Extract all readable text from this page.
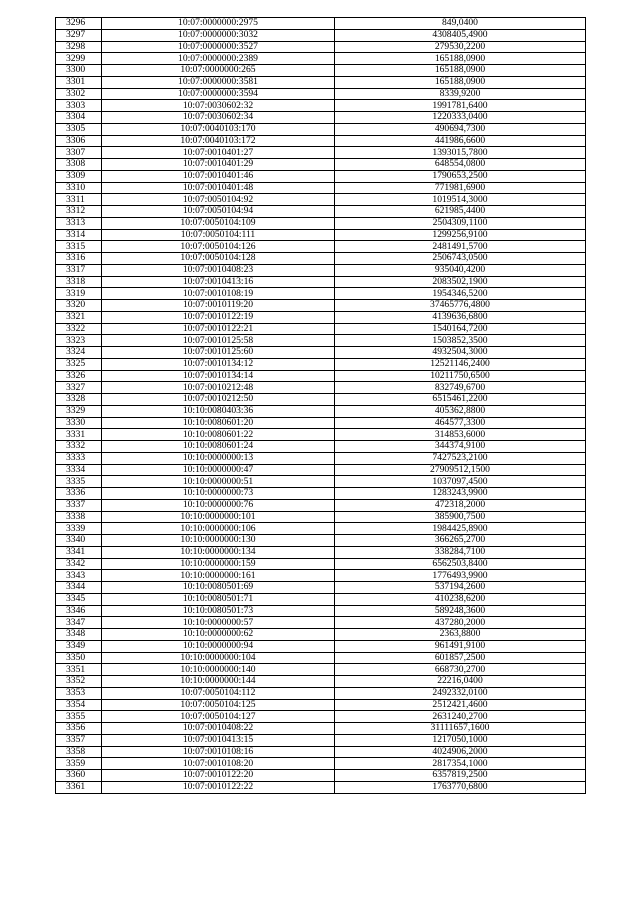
3296	10:07:0000000:2975	849,0400
3297	10:07:0000000:3032	4308405,4900
3298	10:07:0000000:3527	279530,2200
3299	10:07:0000000:2389	165188,0900
3300	10:07:0000000:265	165188,0900
3301	10:07:0000000:3581	165188,0900
3302	10:07:0000000:3594	8339,9200
3303	10:07:0030602:32	1991781,6400
3304	10:07:0030602:34	1220333,0400
3305	10:07:0040103:170	490694,7300
3306	10:07:0040103:172	441986,6600
3307	10:07:0010401:27	1393015,7800
3308	10:07:0010401:29	648554,0800
3309	10:07:0010401:46	1790653,2500
3310	10:07:0010401:48	771981,6900
3311	10:07:0050104:92	1019514,3000
3312	10:07:0050104:94	621985,4400
3313	10:07:0050104:109	2504309,1100
3314	10:07:0050104:111	1299256,9100
3315	10:07:0050104:126	2481491,5700
3316	10:07:0050104:128	2506743,0500
3317	10:07:0010408:23	935040,4200
3318	10:07:0010413:16	2083502,1900
3319	10:07:0010108:19	1954346,5200
3320	10:07:0010119:20	37465776,4800
3321	10:07:0010122:19	4139636,6800
3322	10:07:0010122:21	1540164,7200
3323	10:07:0010125:58	1503852,3500
3324	10:07:0010125:60	4932504,3000
3325	10:07:0010134:12	12521146,2400
3326	10:07:0010134:14	10211750,6500
3327	10:07:0010212:48	832749,6700
3328	10:07:0010212:50	6515461,2200
3329	10:10:0080403:36	405362,8800
3330	10:10:0080601:20	464577,3300
3331	10:10:0080601:22	314853,6000
3332	10:10:0080601:24	344374,9100
3333	10:10:0000000:13	7427523,2100
3334	10:10:0000000:47	27909512,1500
3335	10:10:0000000:51	1037097,4500
3336	10:10:0000000:73	1283243,9900
3337	10:10:0000000:76	472318,2000
3338	10:10:0000000:101	385900,7500
3339	10:10:0000000:106	1984425,8900
3340	10:10:0000000:130	366265,2700
3341	10:10:0000000:134	338284,7100
3342	10:10:0000000:159	6562503,8400
3343	10:10:0000000:161	1776493,9900
3344	10:10:0080501:69	537194,2600
3345	10:10:0080501:71	410238,6200
3346	10:10:0080501:73	589248,3600
3347	10:10:0000000:57	437280,2000
3348	10:10:0000000:62	2363,8800
3349	10:10:0000000:94	961491,9100
3350	10:10:0000000:104	601857,2500
3351	10:10:0000000:140	668730,2700
3352	10:10:0000000:144	22216,0400
3353	10:07:0050104:112	2492332,0100
3354	10:07:0050104:125	2512421,4600
3355	10:07:0050104:127	2631240,2700
3356	10:07:0010408:22	31111657,1600
3357	10:07:0010413:15	1217050,1000
3358	10:07:0010108:16	4024906,2000
3359	10:07:0010108:20	2817354,1000
3360	10:07:0010122:20	6357819,2500
3361	10:07:0010122:22	1763770,6800
